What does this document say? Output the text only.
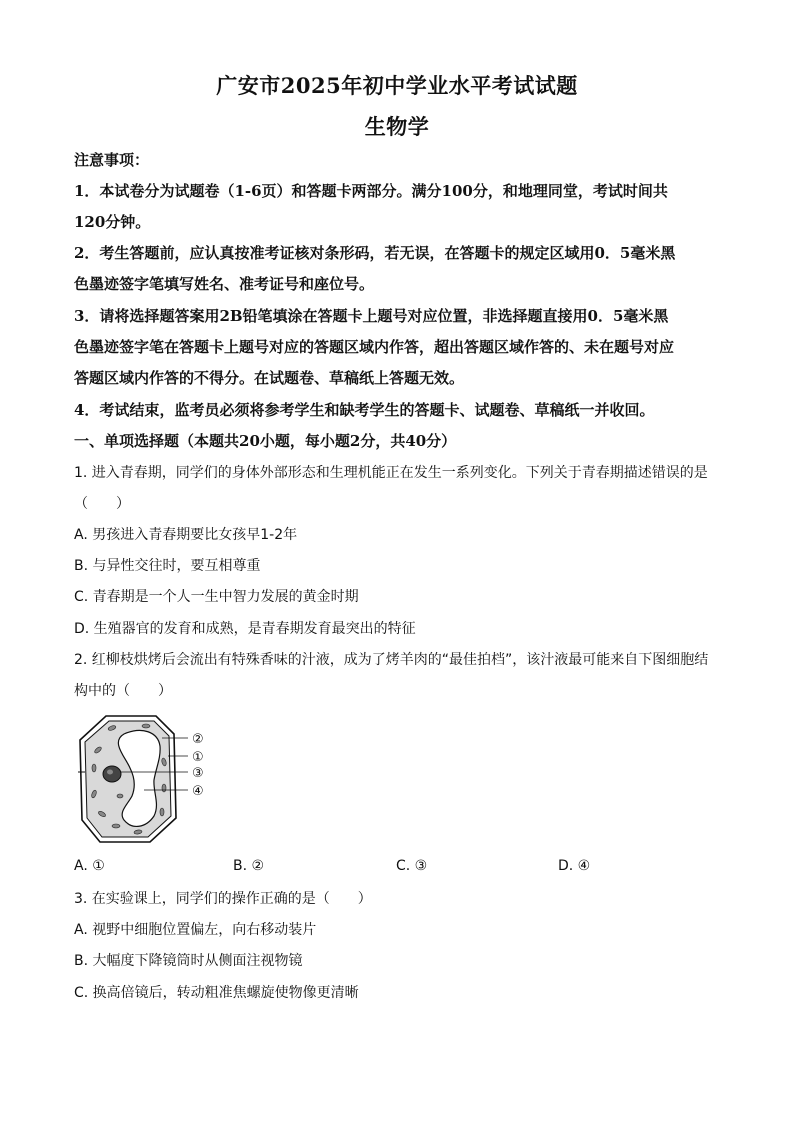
广安市2025年初中学业水平考试试题
生物学
注意事项：
1．本试卷分为试题卷（1-6页）和答题卡两部分。满分100分，和地理同堂，考试时间共
120分钟。
2．考生答题前，应认真按准考证核对条形码，若无误，在答题卡的规定区域用0．5毫米黑
色墨迹签字笔填写姓名、准考证号和座位号。
3．请将选择题答案用2B铅笔填涂在答题卡上题号对应位置，非选择题直接用0．5毫米黑
色墨迹签字笔在答题卡上题号对应的答题区域内作答，超出答题区域作答的、未在题号对应
答题区域内作答的不得分。在试题卷、草稿纸上答题无效。
4．考试结束，监考员必须将参考学生和缺考学生的答题卡、试题卷、草稿纸一并收回。
一、单项选择题（本题共20小题，每小题2分，共40分）
1. 进入青春期，同学们的身体外部形态和生理机能正在发生一系列变化。下列关于青春期描述错误的是
（　　）
A. 男孩进入青春期要比女孩早1-2年
B. 与异性交往时，要互相尊重
C. 青春期是一个人一生中智力发展的黄金时期
D. 生殖器官的发育和成熟，是青春期发育最突出的特征
2. 红柳枝烘烤后会流出有特殊香味的汁液，成为了烤羊肉的“最佳拍档”，该汁液最可能来自下图细胞结
构中的（　　）
②
①
③
④
A. ①	B. ②	C. ③	D. ④
3. 在实验课上，同学们的操作正确的是（　　）
A. 视野中细胞位置偏左，向右移动装片
B. 大幅度下降镜筒时从侧面注视物镜
C. 换高倍镜后，转动粗准焦螺旋使物像更清晰
